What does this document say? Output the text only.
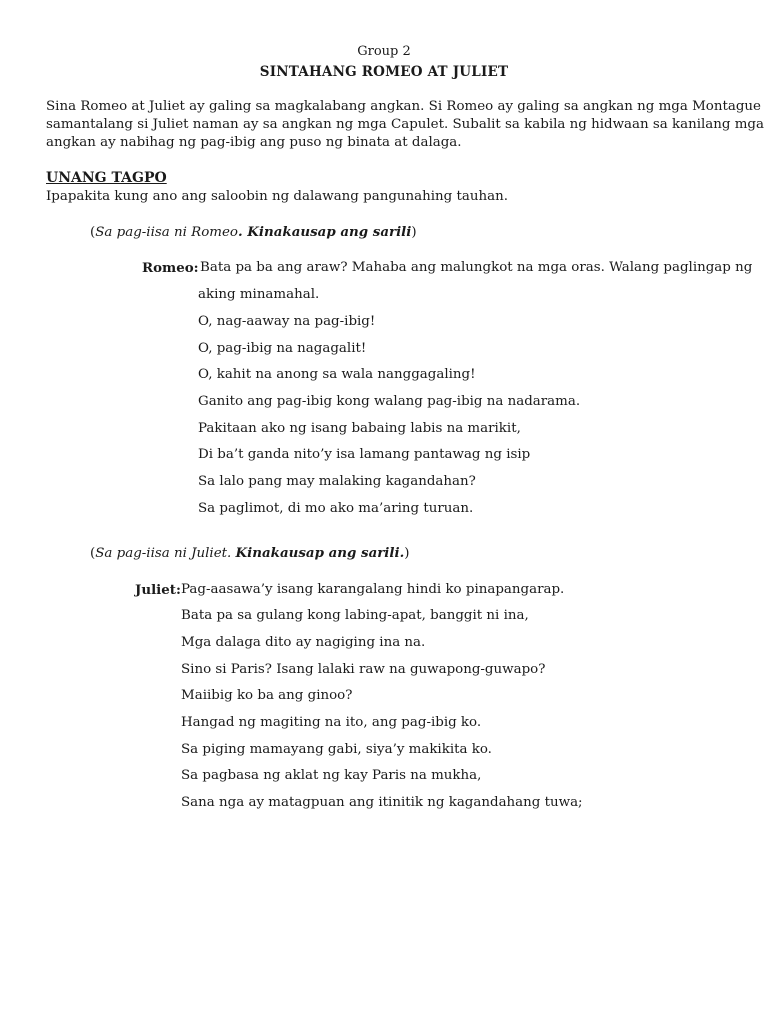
Group 2
SINTAHANG ROMEO AT JULIET
Sina Romeo at Juliet ay galing sa magkalabang angkan. Si Romeo ay galing sa angkan ng mga Montague
samantalang si Juliet naman ay sa angkan ng mga Capulet. Subalit sa kabila ng hidwaan sa kanilang mga
angkan ay nabihag ng pag-ibig ang puso ng binata at dalaga.
UNANG TAGPO
Ipapakita kung ano ang saloobin ng dalawang pangunahing tauhan.
(Sa pag-iisa ni Romeo. Kinakausap ang sarili)
Romeo: Bata pa ba ang araw? Mahaba ang malungkot na mga oras. Walang paglingap ng
aking minamahal.
O, nag-aaway na pag-ibig!
O, pag-ibig na nagagalit!
O, kahit na anong sa wala nanggagaling!
Ganito ang pag-ibig kong walang pag-ibig na nadarama.
Pakitaan ako ng isang babaing labis na marikit,
Di ba’t ganda nito’y isa lamang pantawag ng isip
Sa lalo pang may malaking kagandahan?
Sa paglimot, di mo ako ma’aring turuan.
(Sa pag-iisa ni Juliet. Kinakausap ang sarili.)
Juliet: Pag-aasawa’y isang karangalang hindi ko pinapangarap.
Bata pa sa gulang kong labing-apat, banggit ni ina,
Mga dalaga dito ay nagiging ina na.
Sino si Paris? Isang lalaki raw na guwapong-guwapo?
Maiibig ko ba ang ginoo?
Hangad ng magiting na ito, ang pag-ibig ko.
Sa piging mamayang gabi, siya’y makikita ko.
Sa pagbasa ng aklat ng kay Paris na mukha,
Sana nga ay matagpuan ang itinitik ng kagandahang tuwa;
